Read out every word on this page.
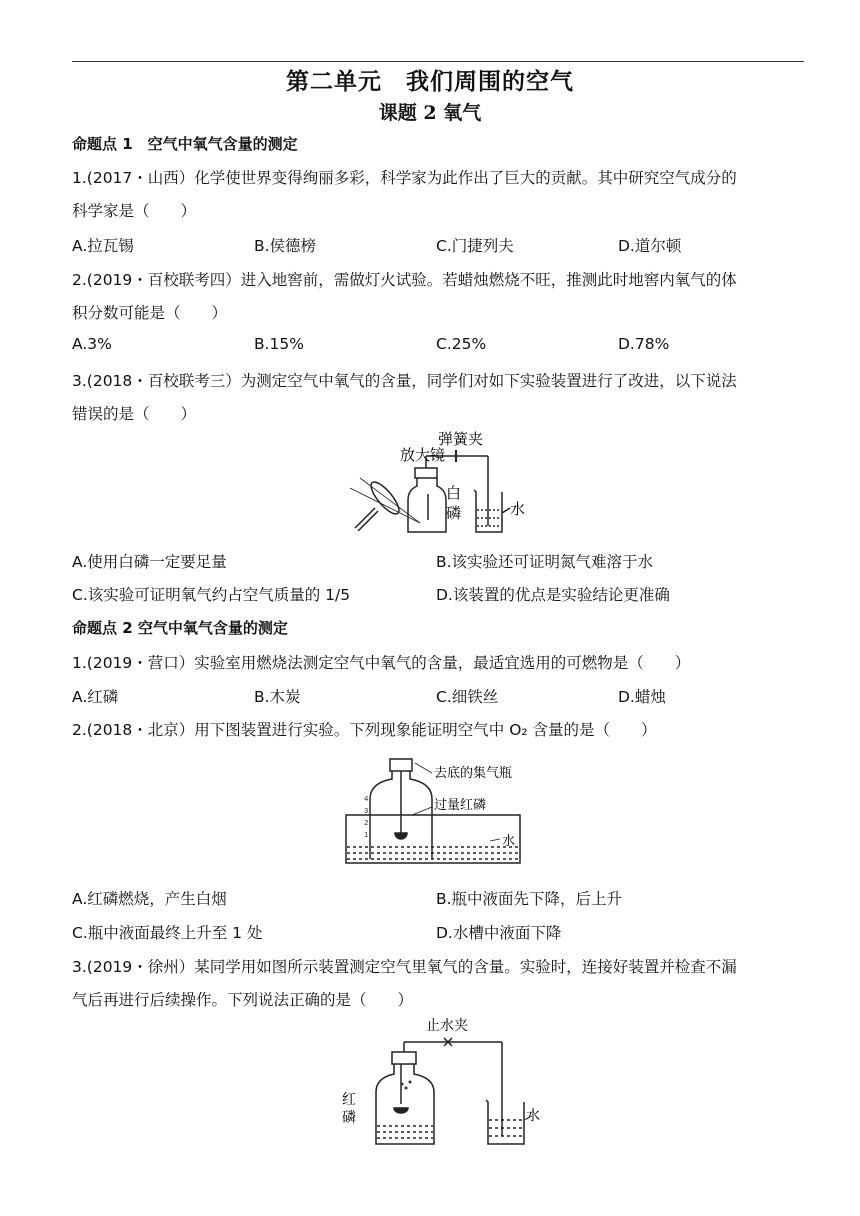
第二单元　我们周围的空气
课题 2 氧气
命题点 1　空气中氧气含量的测定
1.(2017・山西）化学使世界变得绚丽多彩，科学家为此作出了巨大的贡献。其中研究空气成分的
科学家是（　　）
A.拉瓦锡	B.侯德榜	C.门捷列夫	D.道尔顿
2.(2019・百校联考四）进入地窖前，需做灯火试验。若蜡烛燃烧不旺，推测此时地窖内氧气的体
积分数可能是（　　）
A.3%	B.15%	C.25%	D.78%
3.(2018・百校联考三）为测定空气中氧气的含量，同学们对如下实验装置进行了改进，以下说法
错误的是（　　）
放大镜
弹簧夹
白
磷	水
A.使用白磷一定要足量	B.该实验还可证明氮气难溶于水
C.该实验可证明氧气约占空气质量的 1/5	D.该装置的优点是实验结论更准确
命题点 2 空气中氧气含量的测定
1.(2019・营口）实验室用燃烧法测定空气中氧气的含量，最适宜选用的可燃物是（　　）
A.红磷	B.木炭	C.细铁丝	D.蜡烛
2.(2018・北京）用下图装置进行实验。下列现象能证明空气中 O₂ 含量的是（　　）
4
3
2
1
去底的集气瓶
过量红磷
水
A.红磷燃烧，产生白烟	B.瓶中液面先下降，后上升
C.瓶中液面最终上升至 1 处	D.水槽中液面下降
3.(2019・徐州）某同学用如图所示装置测定空气里氧气的含量。实验时，连接好装置并检查不漏
气后再进行后续操作。下列说法正确的是（　　）
止水夹
红
磷	水
